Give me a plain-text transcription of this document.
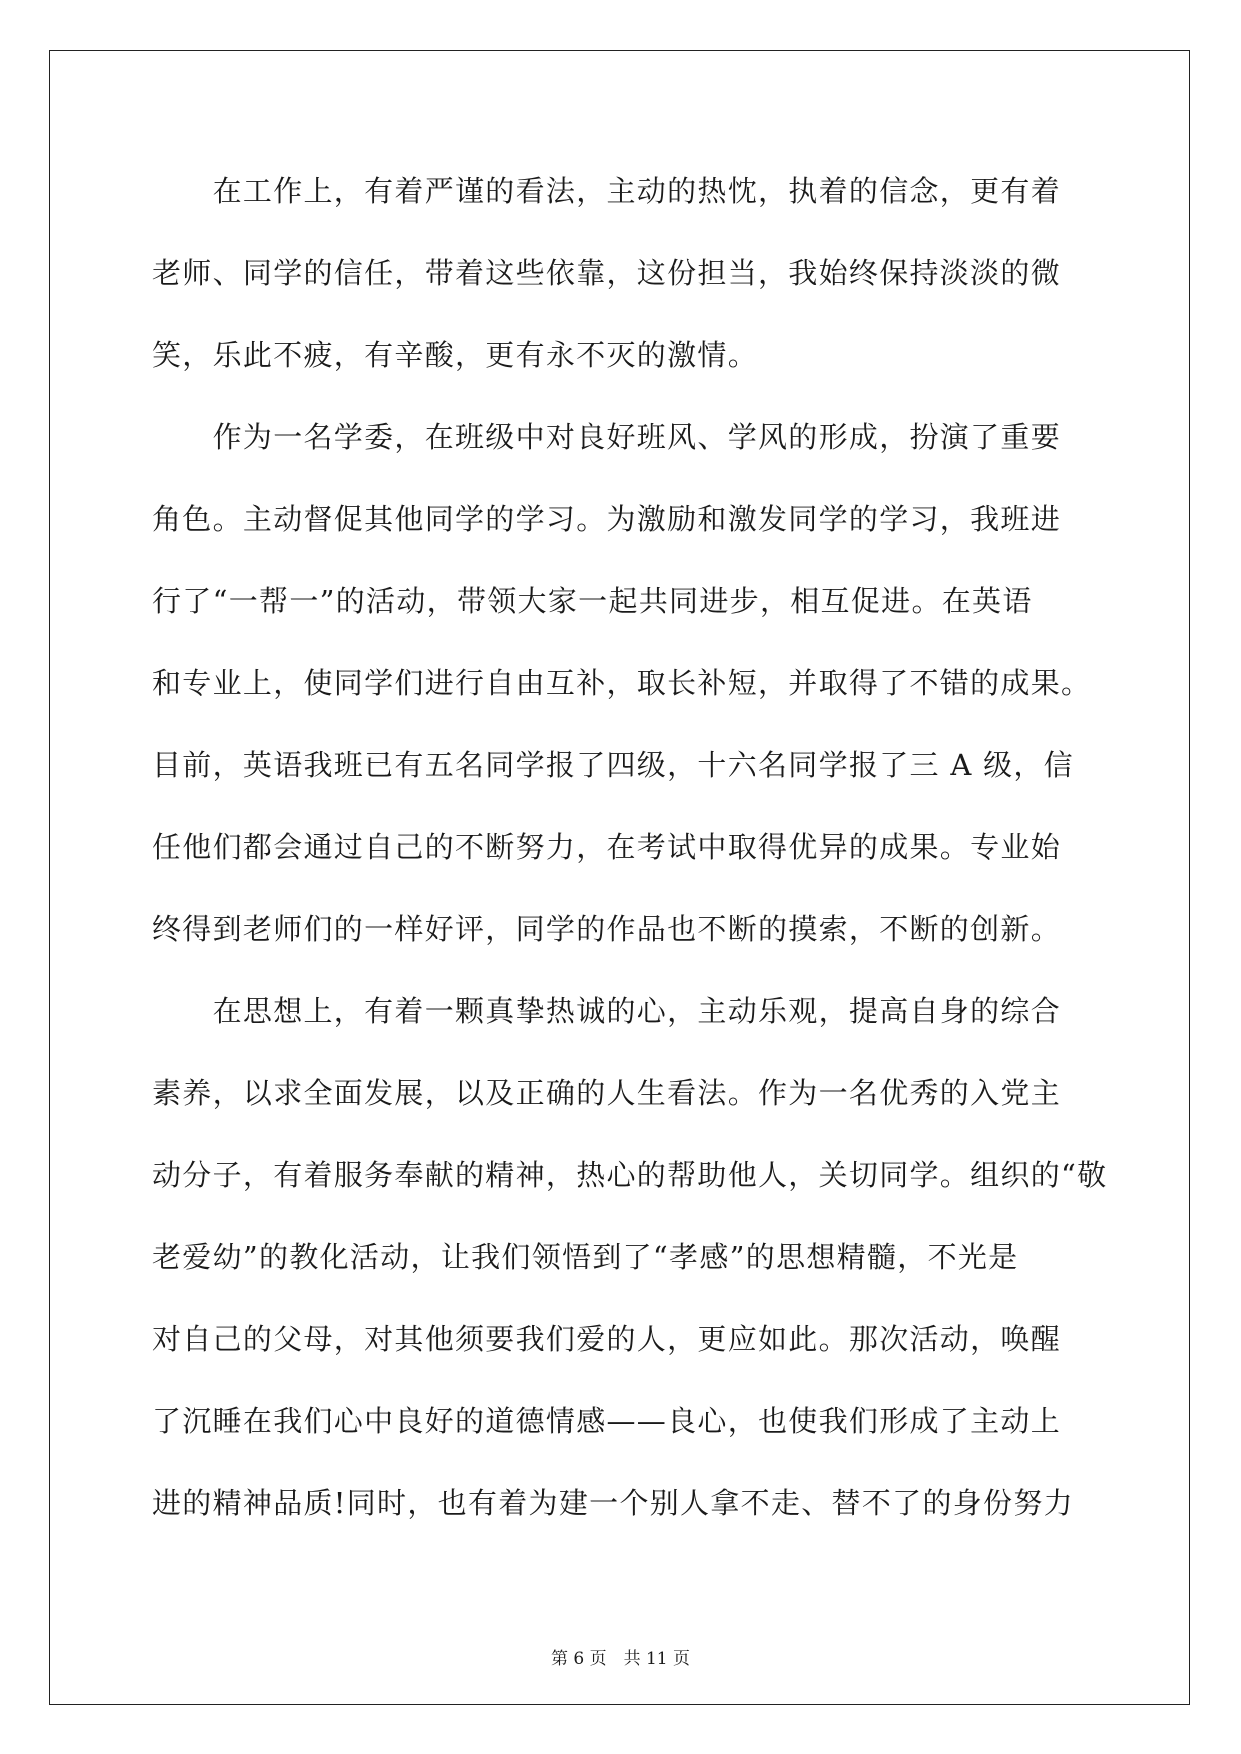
　　在工作上，有着严谨的看法，主动的热忱，执着的信念，更有着
老师、同学的信任，带着这些依靠，这份担当，我始终保持淡淡的微
笑，乐此不疲，有辛酸，更有永不灭的激情。
　　作为一名学委，在班级中对良好班风、学风的形成，扮演了重要
角色。主动督促其他同学的学习。为激励和激发同学的学习，我班进
行了“一帮一”的活动，带领大家一起共同进步，相互促进。在英语
和专业上，使同学们进行自由互补，取长补短，并取得了不错的成果。
目前，英语我班已有五名同学报了四级，十六名同学报了三 A 级，信
任他们都会通过自己的不断努力，在考试中取得优异的成果。专业始
终得到老师们的一样好评，同学的作品也不断的摸索，不断的创新。
　　在思想上，有着一颗真挚热诚的心，主动乐观，提高自身的综合
素养，以求全面发展，以及正确的人生看法。作为一名优秀的入党主
动分子，有着服务奉献的精神，热心的帮助他人，关切同学。组织的“敬
老爱幼”的教化活动，让我们领悟到了“孝感”的思想精髓，不光是
对自己的父母，对其他须要我们爱的人，更应如此。那次活动，唤醒
了沉睡在我们心中良好的道德情感——良心，也使我们形成了主动上
进的精神品质!同时，也有着为建一个别人拿不走、替不了的身份努力
第 6 页　共 11 页
